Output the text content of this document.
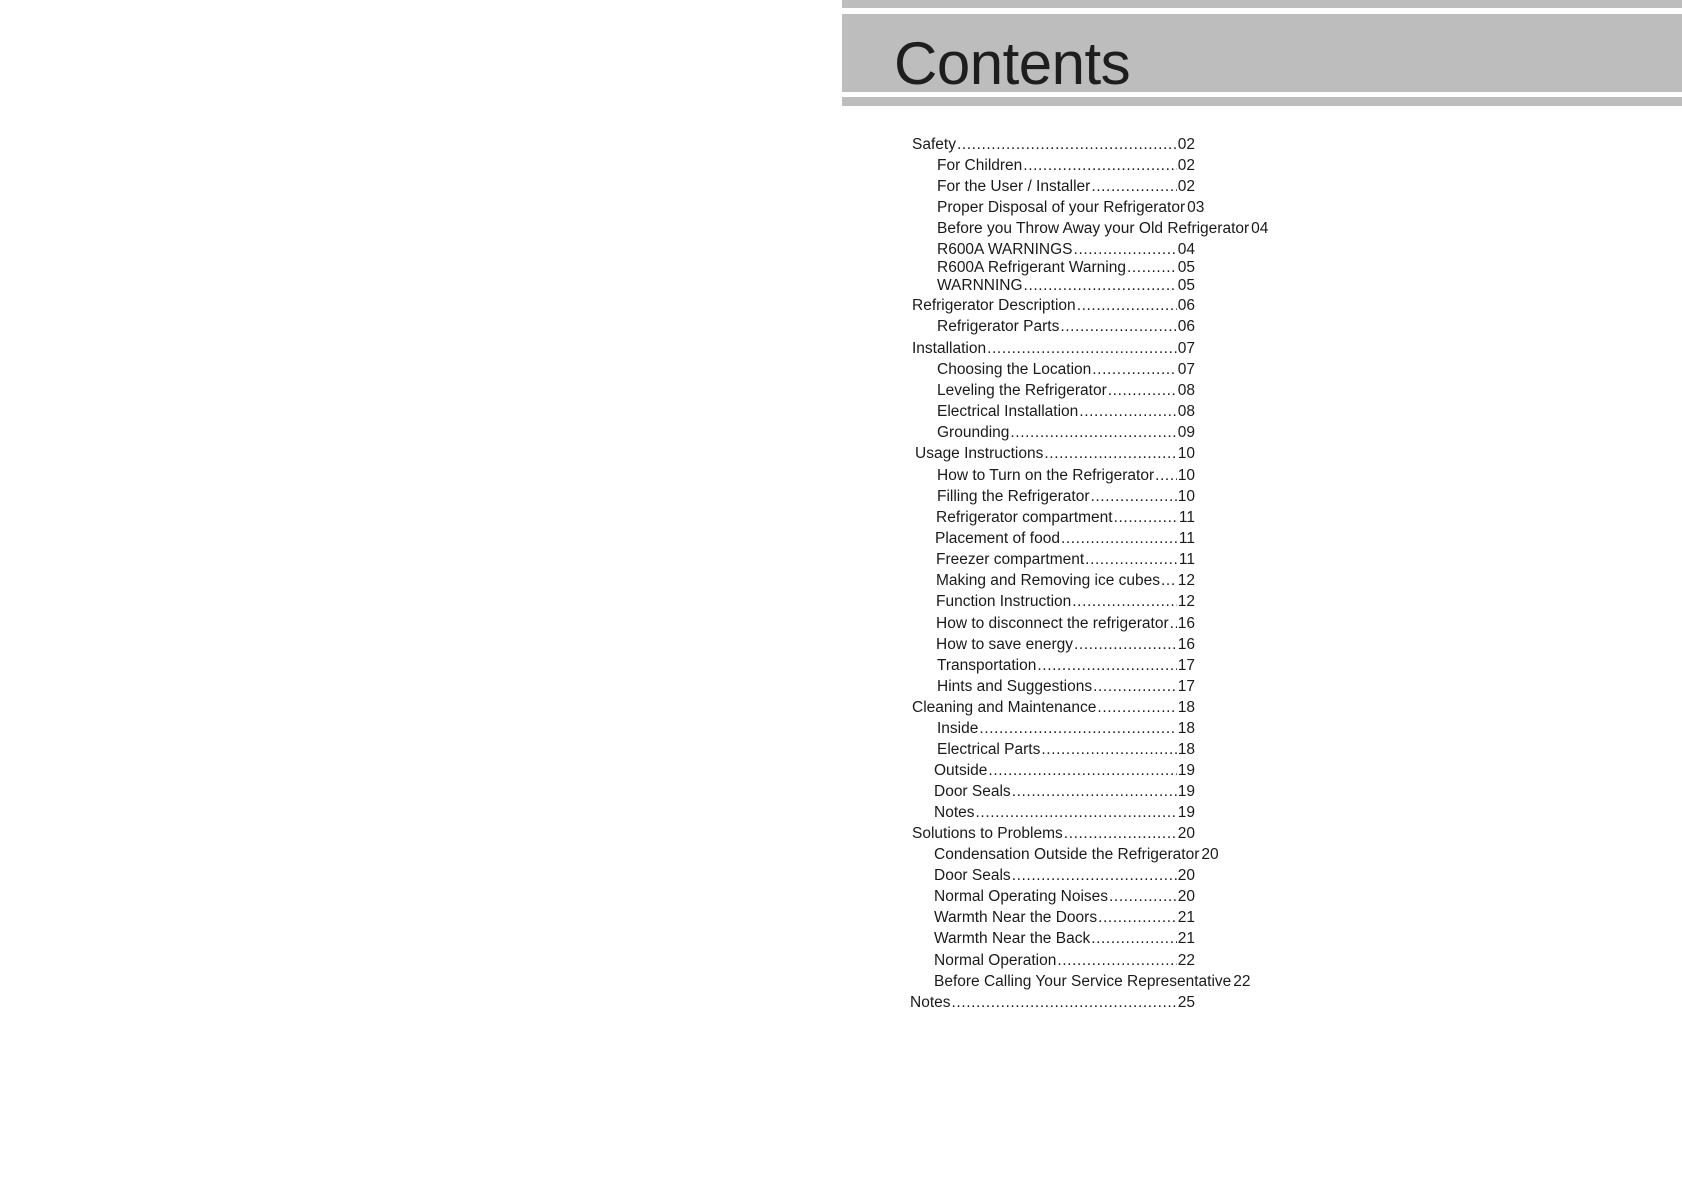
Contents
Safety .....	02
For Children .....	02
For the User / Installer .....	02
Proper Disposal of your Refrigerator 03
Before you Throw Away your Old Refrigerator 04
R600A WARNINGS .....	04
R600A Refrigerant Warning .....	05
WARNNING .....	05
Refrigerator Description .....	06
Refrigerator Parts .....	06
Installation .....	07
Choosing the Location .....	07
Leveling the Refrigerator .....	08
Electrical Installation .....	08
Grounding .....	09
Usage Instructions .....	10
How to Turn on the Refrigerator ..... 10
Filling the Refrigerator .....	10
Refrigerator compartment .....	11
Placement of food .....	11
Freezer compartment .....	11
Making and Removing ice cubes ..... 12
Function Instruction .....	12
How to disconnect the refrigerator ..... 16
How to save energy .....	16
Transportation .....	17
Hints and Suggestions .....	17
Cleaning and Maintenance .....	18
Inside .....	18
Electrical Parts .....	18
Outside .....	19
Door Seals .....	19
Notes .....	19
Solutions to Problems .....	20
Condensation Outside the Refrigerator 20
Door Seals .....	20
Normal Operating Noises .....	20
Warmth Near the Doors .....	21
Warmth Near the Back .....	21
Normal Operation .....	22
Before Calling Your Service Representative 22
Notes .....	25
